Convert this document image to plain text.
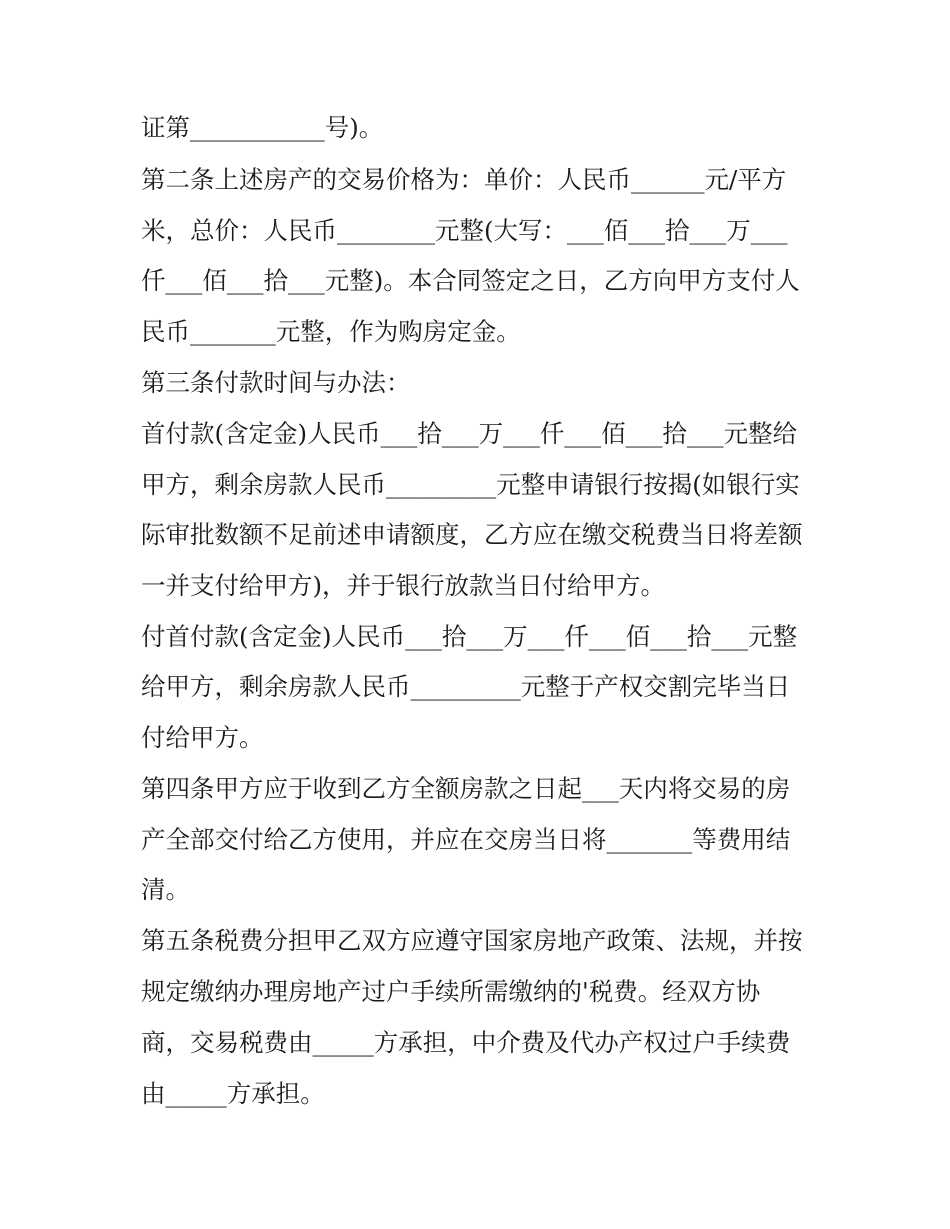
证第___________号)。

第二条上述房产的交易价格为：单价：人民币______元/平方

米，总价：人民币________元整(大写：___佰___拾___万___

仟___佰___拾___元整)。本合同签定之日，乙方向甲方支付人

民币_______元整，作为购房定金。

第三条付款时间与办法：

首付款(含定金)人民币___拾___万___仟___佰___拾___元整给

甲方，剩余房款人民币_________元整申请银行按揭(如银行实

际审批数额不足前述申请额度，乙方应在缴交税费当日将差额

一并支付给甲方)，并于银行放款当日付给甲方。

付首付款(含定金)人民币___拾___万___仟___佰___拾___元整

给甲方，剩余房款人民币_________元整于产权交割完毕当日

付给甲方。

第四条甲方应于收到乙方全额房款之日起___天内将交易的房

产全部交付给乙方使用，并应在交房当日将_______等费用结

清。

第五条税费分担甲乙双方应遵守国家房地产政策、法规，并按

规定缴纳办理房地产过户手续所需缴纳的'税费。经双方协

商，交易税费由_____方承担，中介费及代办产权过户手续费

由_____方承担。
